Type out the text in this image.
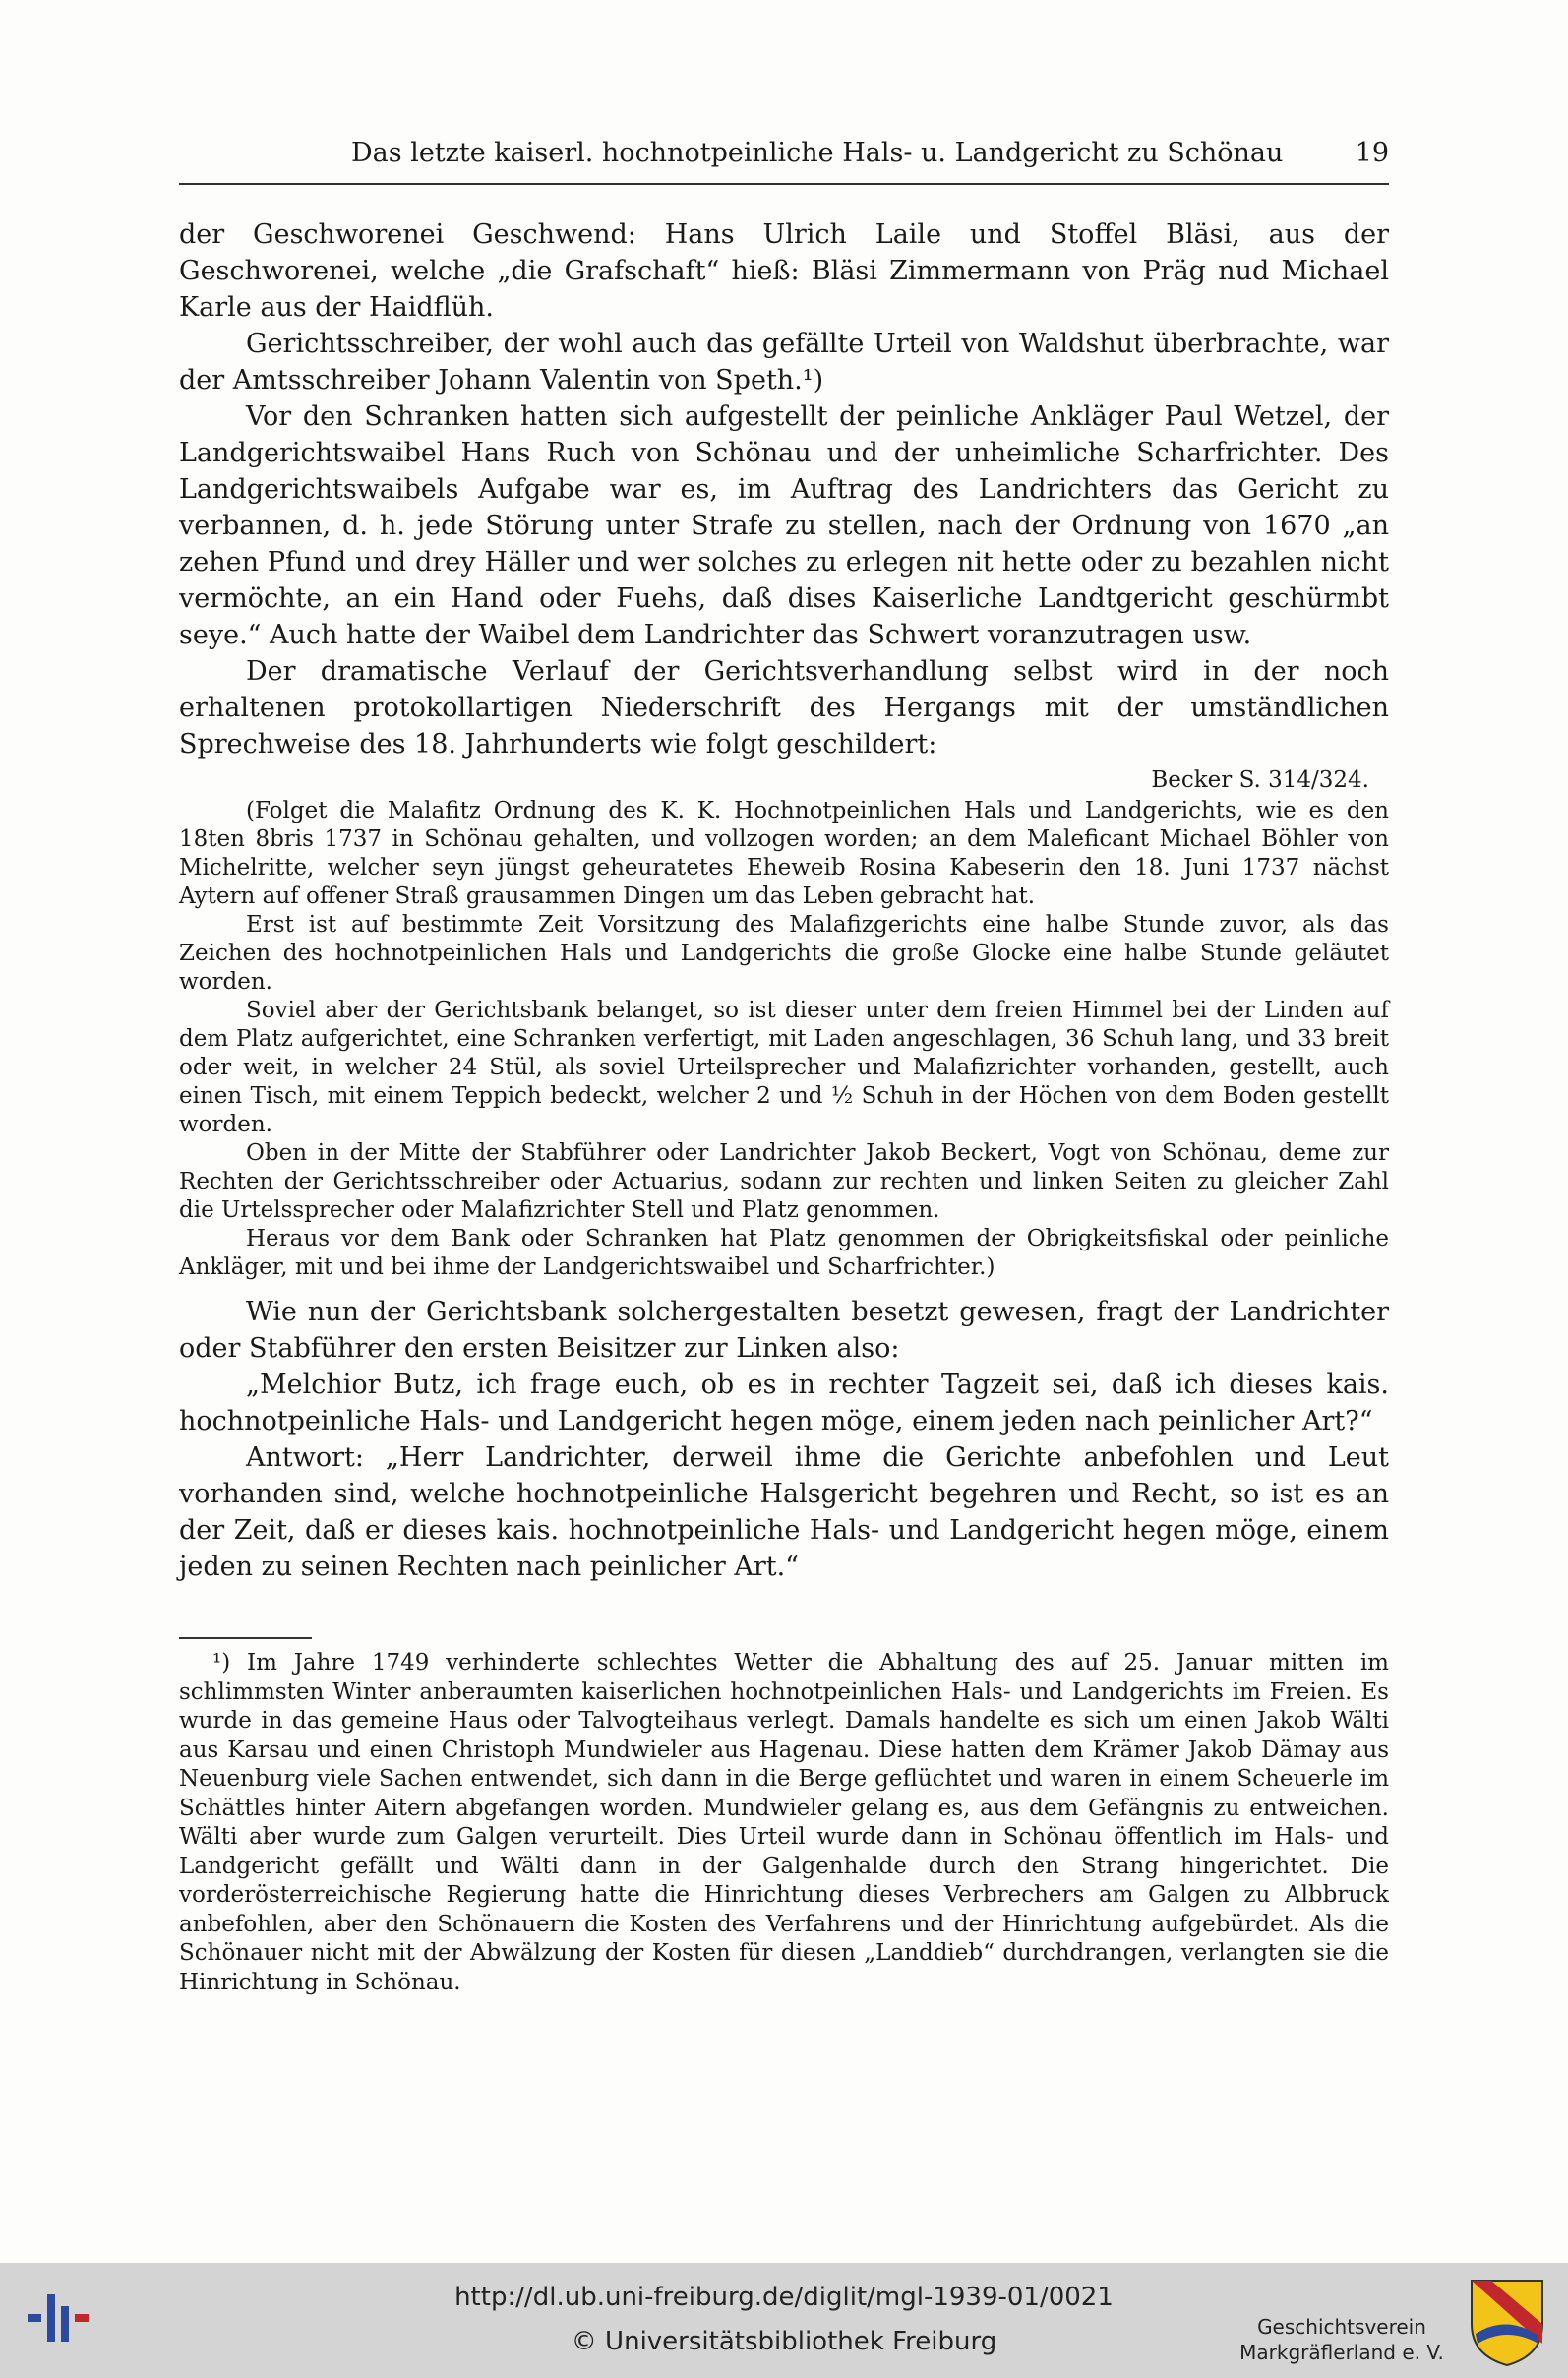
Das letzte kaiserl. hochnotpeinliche Hals- u. Landgericht zu Schönau	19

der Geschworenei Geschwend: Hans Ulrich Laile und Stoffel Bläsi, aus der Geschworenei, welche „die Grafschaft“ hieß: Bläsi Zimmermann von Präg nud Michael Karle aus der Haidflüh.

Gerichtsschreiber, der wohl auch das gefällte Urteil von Waldshut überbrachte, war der Amtsschreiber Johann Valentin von Speth.¹)

Vor den Schranken hatten sich aufgestellt der peinliche Ankläger Paul Wetzel, der Landgerichtswaibel Hans Ruch von Schönau und der unheimliche Scharfrichter. Des Landgerichtswaibels Aufgabe war es, im Auftrag des Landrichters das Gericht zu verbannen, d. h. jede Störung unter Strafe zu stellen, nach der Ordnung von 1670 „an zehen Pfund und drey Häller und wer solches zu erlegen nit hette oder zu bezahlen nicht vermöchte, an ein Hand oder Fuehs, daß dises Kaiserliche Landtgericht geschürmbt seye.“ Auch hatte der Waibel dem Landrichter das Schwert voranzutragen usw.

Der dramatische Verlauf der Gerichtsverhandlung selbst wird in der noch erhaltenen protokollartigen Niederschrift des Hergangs mit der umständlichen Sprechweise des 18. Jahrhunderts wie folgt geschildert:

Becker S. 314/324.

(Folget die Malafitz Ordnung des K. K. Hochnotpeinlichen Hals und Landgerichts, wie es den 18ten 8bris 1737 in Schönau gehalten, und vollzogen worden; an dem Maleficant Michael Böhler von Michelritte, welcher seyn jüngst geheuratetes Eheweib Rosina Kabeserin den 18. Juni 1737 nächst Aytern auf offener Straß grausammen Dingen um das Leben gebracht hat.

Erst ist auf bestimmte Zeit Vorsitzung des Malafizgerichts eine halbe Stunde zuvor, als das Zeichen des hochnotpeinlichen Hals und Landgerichts die große Glocke eine halbe Stunde geläutet worden.

Soviel aber der Gerichtsbank belanget, so ist dieser unter dem freien Himmel bei der Linden auf dem Platz aufgerichtet, eine Schranken verfertigt, mit Laden angeschlagen, 36 Schuh lang, und 33 breit oder weit, in welcher 24 Stül, als soviel Urteilsprecher und Malafizrichter vorhanden, gestellt, auch einen Tisch, mit einem Teppich bedeckt, welcher 2 und ½ Schuh in der Höchen von dem Boden gestellt worden.

Oben in der Mitte der Stabführer oder Landrichter Jakob Beckert, Vogt von Schönau, deme zur Rechten der Gerichtsschreiber oder Actuarius, sodann zur rechten und linken Seiten zu gleicher Zahl die Urtelssprecher oder Malafizrichter Stell und Platz genommen.

Heraus vor dem Bank oder Schranken hat Platz genommen der Obrigkeitsfiskal oder peinliche Ankläger, mit und bei ihme der Landgerichtswaibel und Scharfrichter.)

Wie nun der Gerichtsbank solchergestalten besetzt gewesen, fragt der Landrichter oder Stabführer den ersten Beisitzer zur Linken also:

„Melchior Butz, ich frage euch, ob es in rechter Tagzeit sei, daß ich dieses kais. hochnotpeinliche Hals- und Landgericht hegen möge, einem jeden nach peinlicher Art?“

Antwort: „Herr Landrichter, derweil ihme die Gerichte anbefohlen und Leut vorhanden sind, welche hochnotpeinliche Halsgericht begehren und Recht, so ist es an der Zeit, daß er dieses kais. hochnotpeinliche Hals- und Landgericht hegen möge, einem jeden zu seinen Rechten nach peinlicher Art.“

¹) Im Jahre 1749 verhinderte schlechtes Wetter die Abhaltung des auf 25. Januar mitten im schlimmsten Winter anberaumten kaiserlichen hochnotpeinlichen Hals- und Landgerichts im Freien. Es wurde in das gemeine Haus oder Talvogteihaus verlegt. Damals handelte es sich um einen Jakob Wälti aus Karsau und einen Christoph Mundwieler aus Hagenau. Diese hatten dem Krämer Jakob Dämay aus Neuenburg viele Sachen entwendet, sich dann in die Berge geflüchtet und waren in einem Scheuerle im Schättles hinter Aitern abgefangen worden. Mundwieler gelang es, aus dem Gefängnis zu entweichen. Wälti aber wurde zum Galgen verurteilt. Dies Urteil wurde dann in Schönau öffentlich im Hals- und Landgericht gefällt und Wälti dann in der Galgenhalde durch den Strang hingerichtet. Die vorderösterreichische Regierung hatte die Hinrichtung dieses Verbrechers am Galgen zu Albbruck anbefohlen, aber den Schönauern die Kosten des Verfahrens und der Hinrichtung aufgebürdet. Als die Schönauer nicht mit der Abwälzung der Kosten für diesen „Landdieb“ durchdrangen, verlangten sie die Hinrichtung in Schönau.

http://dl.ub.uni-freiburg.de/diglit/mgl-1939-01/0021
© Universitätsbibliothek Freiburg	Geschichtsverein
Markgräflerland e. V.
